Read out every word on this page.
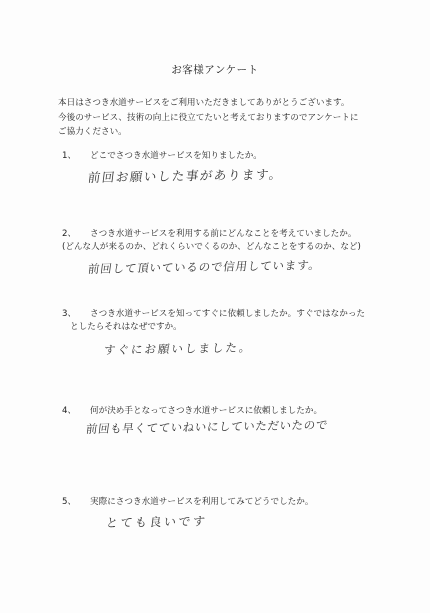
お客様アンケート
本日はさつき水道サービスをご利用いただきましてありがとうございます。
今後のサービス、技術の向上に役立てたいと考えておりますのでアンケートに
ご協力ください。
1、 どこでさつき水道サービスを知りましたか。
前回お願いした事があります。
2、 さつき水道サービスを利用する前にどんなことを考えていましたか。
(どんな人が来るのか、どれくらいでくるのか、どんなことをするのか、など)
前回して頂いているので信用しています。
3、 さつき水道サービスを知ってすぐに依頼しましたか。すぐではなかった
としたらそれはなぜですか。
すぐにお願いしました。
4、 何が決め手となってさつき水道サービスに依頼しましたか。
前回も早くてていねいにしていただいたので
5、 実際にさつき水道サービスを利用してみてどうでしたか。
とても良いです
